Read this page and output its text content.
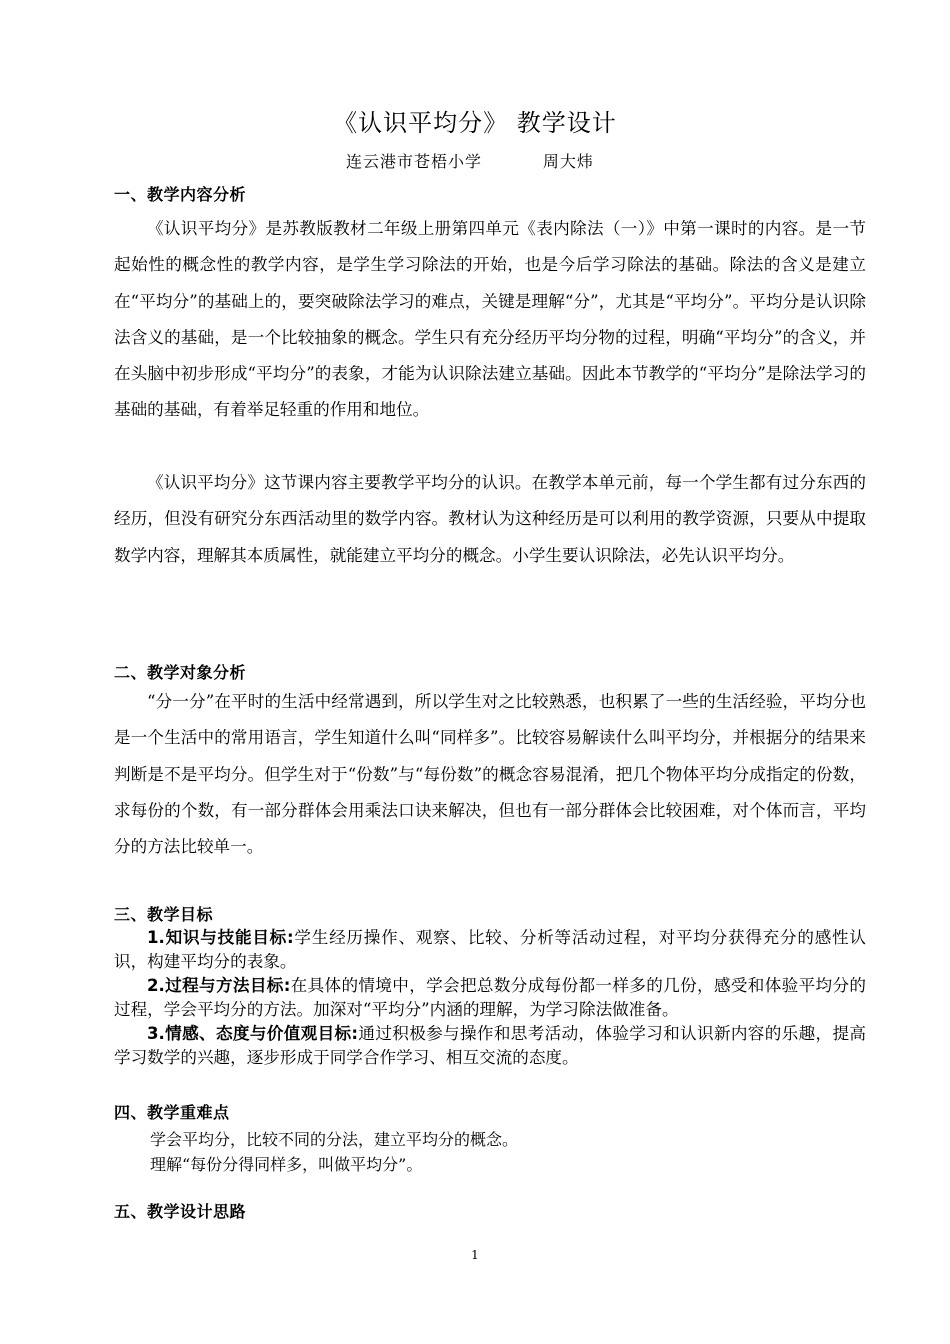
《认识平均分》 教学设计
连云港市苍梧小学          周大炜
一、教学内容分析

《认识平均分》是苏教版教材二年级上册第四单元《表内除法（一）》中第一课时的内容。是一节起始性的概念性的教学内容，是学生学习除法的开始，也是今后学习除法的基础。除法的含义是建立在“平均分”的基础上的，要突破除法学习的难点，关键是理解“分”，尤其是“平均分”。平均分是认识除法含义的基础，是一个比较抽象的概念。学生只有充分经历平均分物的过程，明确“平均分”的含义，并在头脑中初步形成“平均分”的表象，才能为认识除法建立基础。因此本节教学的“平均分”是除法学习的基础的基础，有着举足轻重的作用和地位。

《认识平均分》这节课内容主要教学平均分的认识。在教学本单元前，每一个学生都有过分东西的经历，但没有研究分东西活动里的数学内容。教材认为这种经历是可以利用的教学资源，只要从中提取数学内容，理解其本质属性，就能建立平均分的概念。小学生要认识除法，必先认识平均分。

二、教学对象分析

“分一分”在平时的生活中经常遇到，所以学生对之比较熟悉，也积累了一些的生活经验，平均分也是一个生活中的常用语言，学生知道什么叫“同样多”。比较容易解读什么叫平均分，并根据分的结果来判断是不是平均分。但学生对于“份数”与“每份数”的概念容易混淆，把几个物体平均分成指定的份数，求每份的个数，有一部分群体会用乘法口诀来解决，但也有一部分群体会比较困难，对个体而言，平均分的方法比较单一。

三、教学目标

1.知识与技能目标:学生经历操作、观察、比较、分析等活动过程，对平均分获得充分的感性认识，构建平均分的表象。

2.过程与方法目标:在具体的情境中，学会把总数分成每份都一样多的几份，感受和体验平均分的过程，学会平均分的方法。加深对“平均分”内涵的理解，为学习除法做准备。

3.情感、态度与价值观目标:通过积极参与操作和思考活动，体验学习和认识新内容的乐趣，提高学习数学的兴趣，逐步形成于同学合作学习、相互交流的态度。

四、教学重难点
学会平均分，比较不同的分法，建立平均分的概念。
理解“每份分得同样多，叫做平均分”。
五、教学设计思路
1
